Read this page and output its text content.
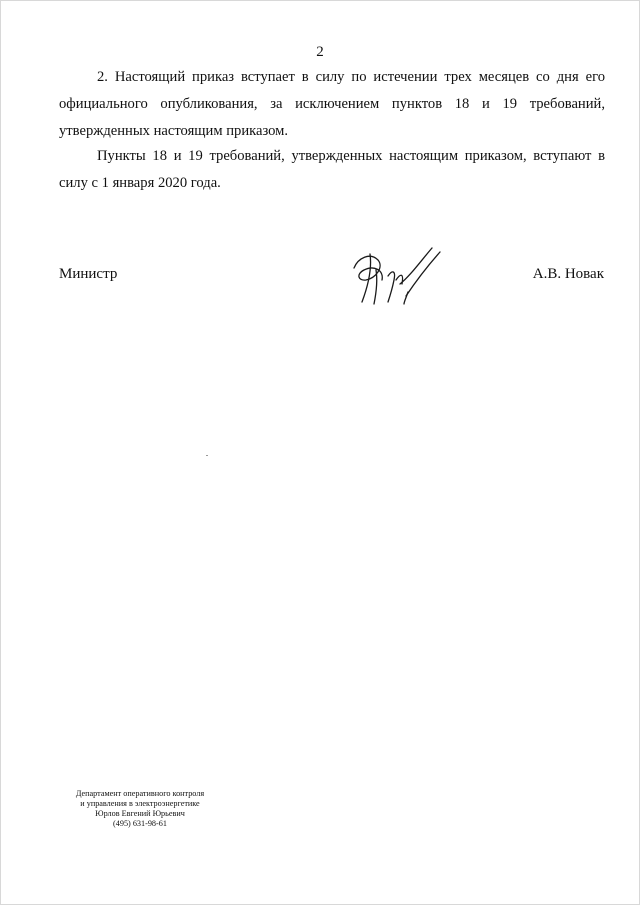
2

2. Настоящий приказ вступает в силу по истечении трех месяцев со дня его официального опубликования, за исключением пунктов 18 и 19 требований, утвержденных настоящим приказом.

Пункты 18 и 19 требований, утвержденных настоящим приказом, вступают в силу с 1 января 2020 года.

Министр	А.В. Новак
Департамент оперативного контроля
и управления в электроэнергетике
Юрлов Евгений Юрьевич
(495) 631-98-61
